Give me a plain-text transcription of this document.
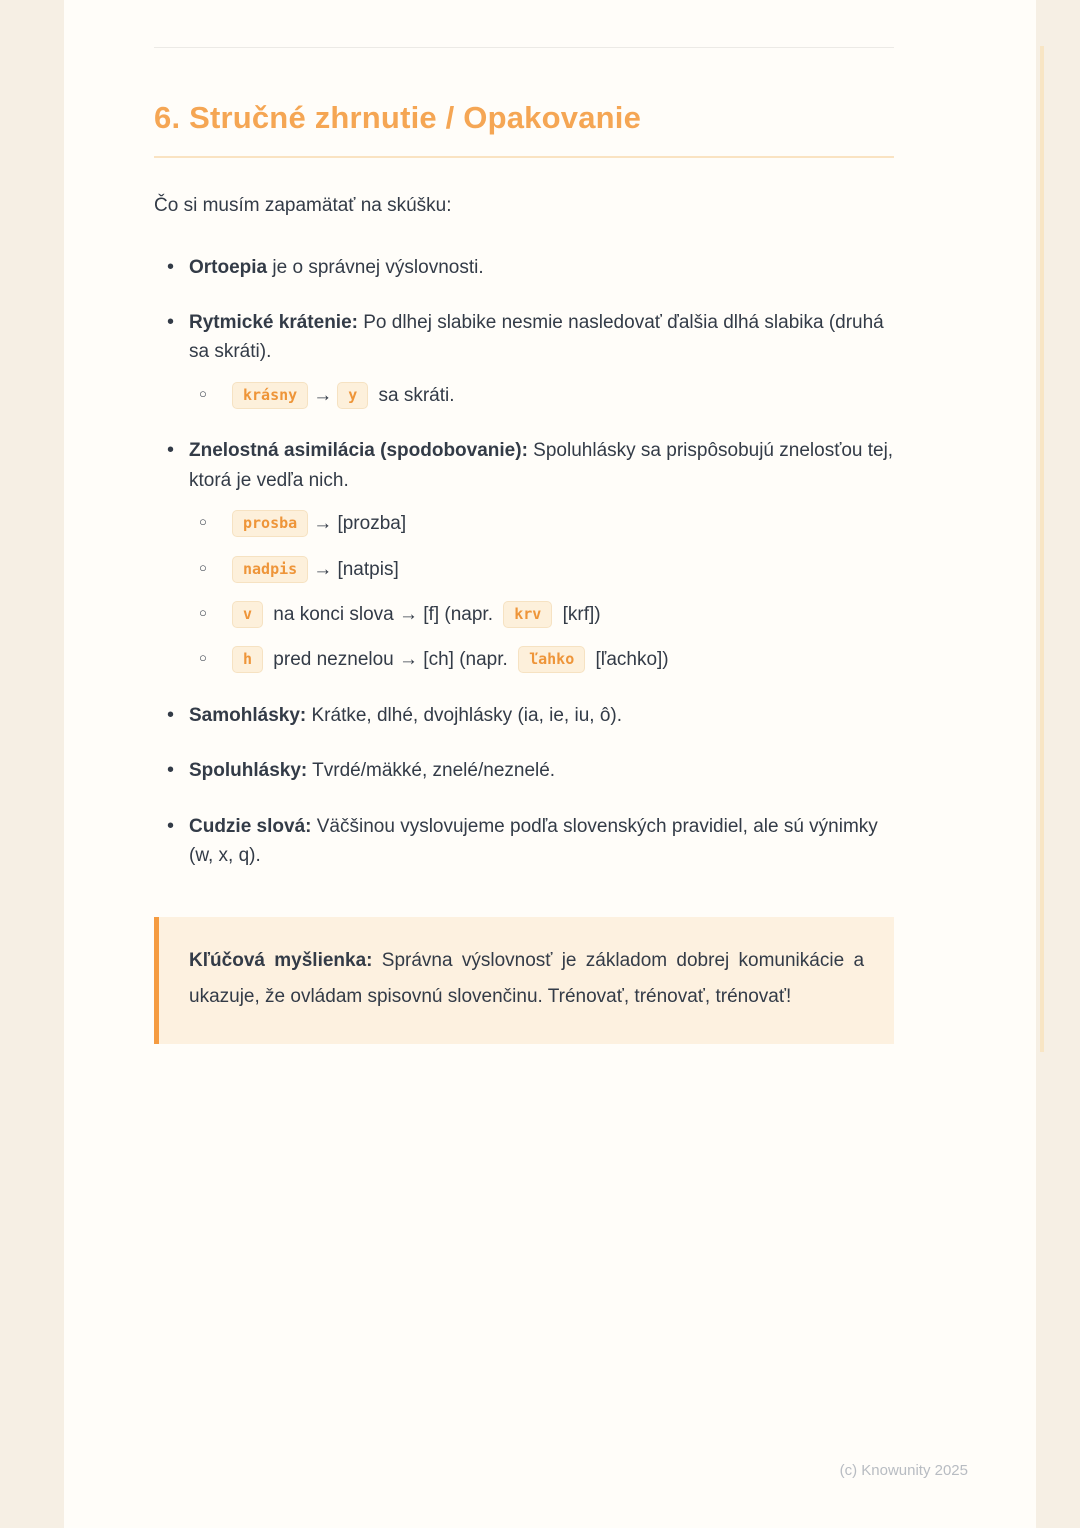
6. Stručné zhrnutie / Opakovanie

Čo si musím zapamätať na skúšku:

• Ortoepia je o správnej výslovnosti.
• Rytmické krátenie: Po dlhej slabike nesmie nasledovať ďalšia dlhá slabika (druhá sa skráti).
○ krásny → y sa skráti.
• Znelostná asimilácia (spodobovanie): Spoluhlásky sa prispôsobujú znelosťou tej, ktorá je vedľa nich.
○ prosba → [prozba]
○ nadpis → [natpis]
○ v na konci slova → [f] (napr. krv [krf])
○ h pred neznelou → [ch] (napr. ľahko [ľachko])
• Samohlásky: Krátke, dlhé, dvojhlásky (ia, ie, iu, ô).
• Spoluhlásky: Tvrdé/mäkké, znelé/neznelé.
• Cudzie slová: Väčšinou vyslovujeme podľa slovenských pravidiel, ale sú výnimky (w, x, q).
Kľúčová myšlienka: Správna výslovnosť je základom dobrej komunikácie a ukazuje, že ovládam spisovnú slovenčinu. Trénovať, trénovať, trénovať!
(c) Knowunity 2025
